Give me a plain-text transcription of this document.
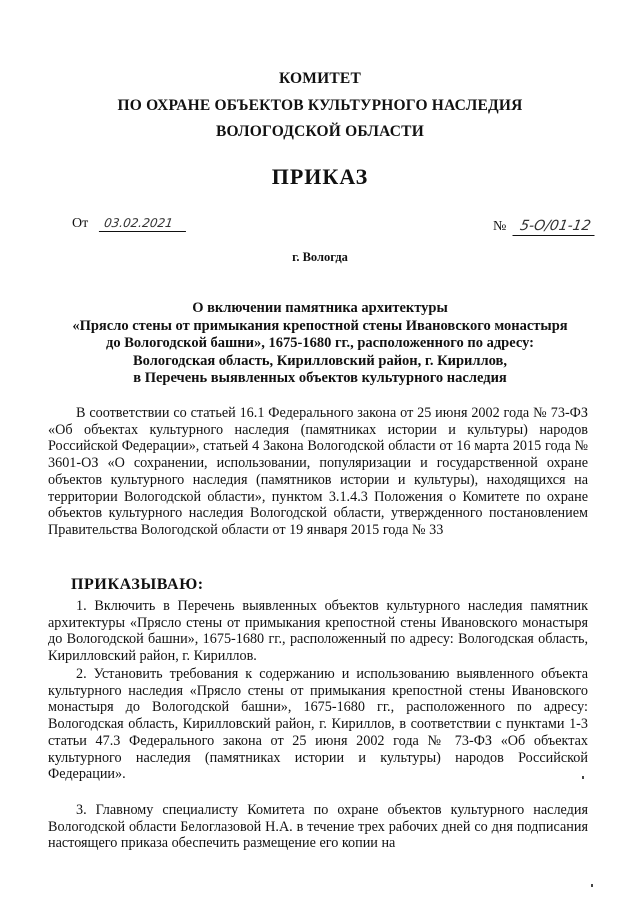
КОМИТЕТ
ПО ОХРАНЕ ОБЪЕКТОВ КУЛЬТУРНОГО НАСЛЕДИЯ
ВОЛОГОДСКОЙ ОБЛАСТИ
ПРИКАЗ
От 03.02.2021	№ 5-О/01-12
г. Вологда
О включении памятника архитектуры
«Прясло стены от примыкания крепостной стены Ивановского монастыря
до Вологодской башни», 1675-1680 гг., расположенного по адресу:
Вологодская область, Кирилловский район, г. Кириллов,
в Перечень выявленных объектов культурного наследия
В соответствии со статьей 16.1 Федерального закона от 25 июня 2002 года № 73-ФЗ «Об объектах культурного наследия (памятниках истории и культуры) народов Российской Федерации», статьей 4 Закона Вологодской области от 16 марта 2015 года № 3601-ОЗ «О сохранении, использовании, популяризации и государственной охране объектов культурного наследия (памятников истории и культуры), находящихся на территории Вологодской области», пунктом 3.1.4.3 Положения о Комитете по охране объектов культурного наследия Вологодской области, утвержденного постановлением Правительства Вологодской области от 19 января 2015 года № 33
ПРИКАЗЫВАЮ:
1. Включить в Перечень выявленных объектов культурного наследия памятник архитектуры «Прясло стены от примыкания крепостной стены Ивановского монастыря до Вологодской башни», 1675-1680 гг., расположенный по адресу: Вологодская область, Кирилловский район, г. Кириллов.
2. Установить требования к содержанию и использованию выявленного объекта культурного наследия «Прясло стены от примыкания крепостной стены Ивановского монастыря до Вологодской башни», 1675-1680 гг., расположенного по адресу: Вологодская область, Кирилловский район, г. Кириллов, в соответствии с пунктами 1-3 статьи 47.3 Федерального закона от 25 июня 2002 года № 73-ФЗ «Об объектах культурного наследия (памятниках истории и культуры) народов Российской Федерации».
3. Главному специалисту Комитета по охране объектов культурного наследия Вологодской области Белоглазовой Н.А. в течение трех рабочих дней со дня подписания настоящего приказа обеспечить размещение его копии на
